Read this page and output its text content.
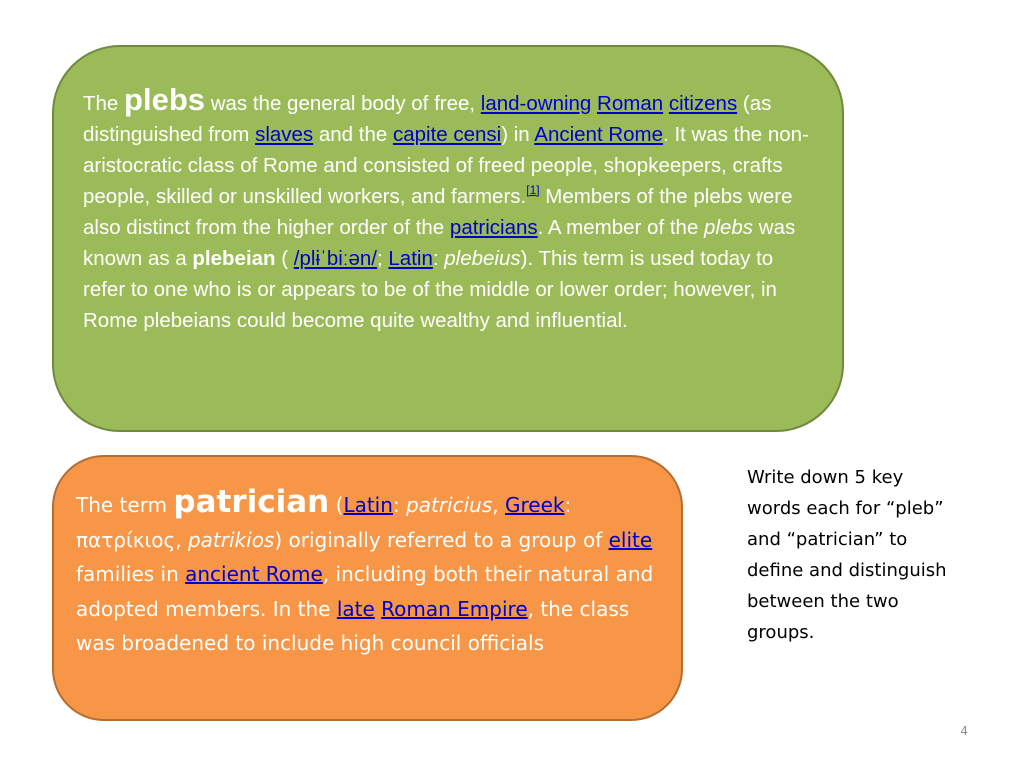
The plebs was the general body of free, land-owning Roman citizens (as distinguished from slaves and the capite censi) in Ancient Rome. It was the non-aristocratic class of Rome and consisted of freed people, shopkeepers, crafts people, skilled or unskilled workers, and farmers.[1] Members of the plebs were also distinct from the higher order of the patricians. A member of the plebs was known as a plebeian ( /plɨˈbiːən/; Latin: plebeius). This term is used today to refer to one who is or appears to be of the middle or lower order; however, in Rome plebeians could become quite wealthy and influential.
The term patrician (Latin: patricius, Greek: πατρίκιος, patrikios) originally referred to a group of elite families in ancient Rome, including both their natural and adopted members. In the late Roman Empire, the class was broadened to include high council officials
Write down 5 key words each for “pleb” and “patrician” to define and distinguish between the two groups.
4
